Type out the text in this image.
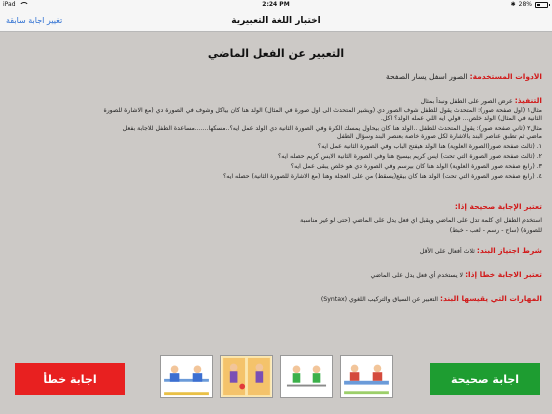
iPad	2:24 PM	✱ 28%
تغيير اجابة سابقة	اختبار اللغة التعبيرية
التعبير عن الفعل الماضي
الأدوات المستخدمة: الصور أسفل يسار الصفحة
التنفيذ: عرض الصور على الطفل ونبدأ بمثال
مثال١ (أول صفحة صور): المتحدث يقول للطفل شوف الصور دي (ويشير المتحدث الى أول صورة في المثال) الولد هنا كان بياكل وشوف في الصورة دي (مع الاشارة للصورة
الثانية في المثال) الولد خلص... قولي ايه اللي عمله الولد؟ اكل.
مثال٢ (ثاني صفحة صور): يقول المتحدث للطفل ..الولد هنا كان بيحاول يمسك الكرة وفي الصورة الثانية دي الولد عمل ايه؟..مسكها.......مساعدة الطفل للاجابة بفعل
ماضي ثم تطبق عناصر البند بالاشارة لكل صورة خاصة بعنصر البند وسؤال الطفل
١. (ثالث صفحة صور(الصورة العلوية) هنا الولد هيفتح الباب وفي الصورة الثانية عمل ايه؟
٢. (ثالث صفحة صور الصورة التي تحت) ايس كريم بيسيح هنا وفي الصورة الثانية الايس كريم حصله ايه؟
٣. (رابع صفحة صور الصورة العلوية) الولد هنا كان بيرسم وفي الصورة دي هو خلص يبقى عمل ايه؟
٤. (رابع صفحة صور الصورة التي تحت) الولد هنا كان بيقع(يسقط) من على العجلة وهنا (مع الاشارة للصورة الثانية) حصله ايه؟
تعتبر الإجابة صحيحة إذا:
استخدم الطفل اي كلمة تدل على الماضي ويقبل اي فعل يدل على الماضي (حتى لو غير مناسبة
للصورة) (ساح - رسم - لعب - خبط)
شرط اجتياز البند: ثلاث أفعال على الأقل
تعتبر الاجابة خطأ إذا: لا يستخدم أي فعل يدل على الماضي
المهارات التي يقيسها البند: التعبير عن السياق والتركيب اللغوي (Syntax)
اجابة خطأ	اجابة صحيحة
